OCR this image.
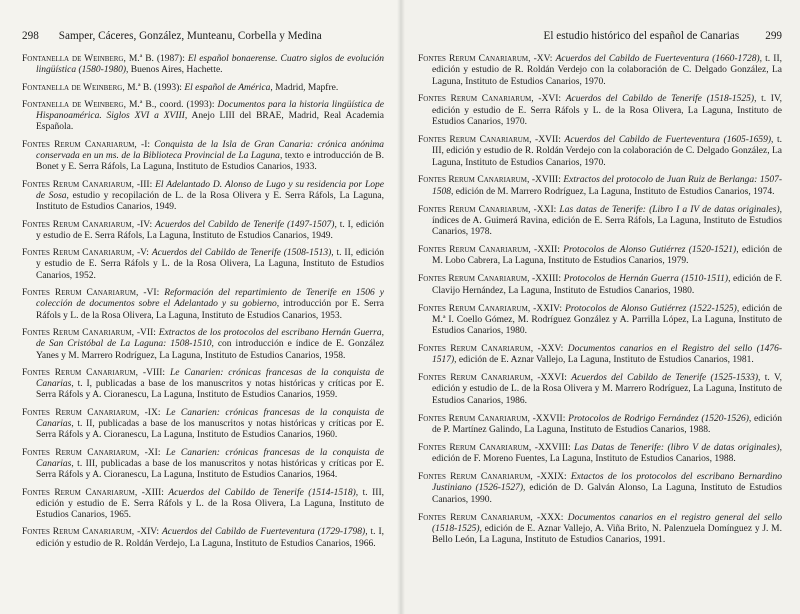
298 Samper, Cáceres, González, Munteanu, Corbella y Medina

Fontanella de Weinberg, M.ª B. (1987): El español bonaerense. Cuatro siglos de evolución lingüística (1580-1980), Buenos Aires, Hachette.

Fontanella de Weinberg, M.ª B. (1993): El español de América, Madrid, Mapfre.

Fontanella de Weinberg, M.ª B., coord. (1993): Documentos para la historia lingüística de Hispanoamérica. Siglos XVI a XVIII, Anejo LIII del BRAE, Madrid, Real Academia Española.

Fontes Rerum Canariarum, -I: Conquista de la Isla de Gran Canaria: crónica anónima conservada en un ms. de la Biblioteca Provincial de La Laguna, texto e introducción de B. Bonet y E. Serra Ráfols, La Laguna, Instituto de Estudios Canarios, 1933.

Fontes Rerum Canariarum, -III: El Adelantado D. Alonso de Lugo y su residencia por Lope de Sosa, estudio y recopilación de L. de la Rosa Olivera y E. Serra Ráfols, La Laguna, Instituto de Estudios Canarios, 1949.

Fontes Rerum Canariarum, -IV: Acuerdos del Cabildo de Tenerife (1497-1507), t. I, edición y estudio de E. Serra Ráfols, La Laguna, Instituto de Estudios Canarios, 1949.

Fontes Rerum Canariarum, -V: Acuerdos del Cabildo de Tenerife (1508-1513), t. II, edición y estudio de E. Serra Ráfols y L. de la Rosa Olivera, La Laguna, Instituto de Estudios Canarios, 1952.

Fontes Rerum Canariarum, -VI: Reformación del repartimiento de Tenerife en 1506 y colección de documentos sobre el Adelantado y su gobierno, introducción por E. Serra Ráfols y L. de la Rosa Olivera, La Laguna, Instituto de Estudios Canarios, 1953.

Fontes Rerum Canariarum, -VII: Extractos de los protocolos del escribano Hernán Guerra, de San Cristóbal de La Laguna: 1508-1510, con introducción e índice de E. González Yanes y M. Marrero Rodríguez, La Laguna, Instituto de Estudios Canarios, 1958.

Fontes Rerum Canariarum, -VIII: Le Canarien: crónicas francesas de la conquista de Canarias, t. I, publicadas a base de los manuscritos y notas históricas y críticas por E. Serra Ráfols y A. Cioranescu, La Laguna, Instituto de Estudios Canarios, 1959.

Fontes Rerum Canariarum, -IX: Le Canarien: crónicas francesas de la conquista de Canarias, t. II, publicadas a base de los manuscritos y notas históricas y críticas por E. Serra Ráfols y A. Cioranescu, La Laguna, Instituto de Estudios Canarios, 1960.

Fontes Rerum Canariarum, -XI: Le Canarien: crónicas francesas de la conquista de Canarias, t. III, publicadas a base de los manuscritos y notas históricas y críticas por E. Serra Ráfols y A. Cioranescu, La Laguna, Instituto de Estudios Canarios, 1964.

Fontes Rerum Canariarum, -XIII: Acuerdos del Cabildo de Tenerife (1514-1518), t. III, edición y estudio de E. Serra Ráfols y L. de la Rosa Olivera, La Laguna, Instituto de Estudios Canarios, 1965.

Fontes Rerum Canariarum, -XIV: Acuerdos del Cabildo de Fuerteventura (1729-1798), t. I, edición y estudio de R. Roldán Verdejo, La Laguna, Instituto de Estudios Canarios, 1966.

El estudio histórico del español de Canarias 299

Fontes Rerum Canariarum, -XV: Acuerdos del Cabildo de Fuerteventura (1660-1728), t. II, edición y estudio de R. Roldán Verdejo con la colaboración de C. Delgado González, La Laguna, Instituto de Estudios Canarios, 1970.

Fontes Rerum Canariarum, -XVI: Acuerdos del Cabildo de Tenerife (1518-1525), t. IV, edición y estudio de E. Serra Ráfols y L. de la Rosa Olivera, La Laguna, Instituto de Estudios Canarios, 1970.

Fontes Rerum Canariarum, -XVII: Acuerdos del Cabildo de Fuerteventura (1605-1659), t. III, edición y estudio de R. Roldán Verdejo con la colaboración de C. Delgado González, La Laguna, Instituto de Estudios Canarios, 1970.

Fontes Rerum Canariarum, -XVIII: Extractos del protocolo de Juan Ruiz de Berlanga: 1507-1508, edición de M. Marrero Rodríguez, La Laguna, Instituto de Estudios Canarios, 1974.

Fontes Rerum Canariarum, -XXI: Las datas de Tenerife: (Libro I a IV de datas originales), índices de A. Guimerá Ravina, edición de E. Serra Ráfols, La Laguna, Instituto de Estudios Canarios, 1978.

Fontes Rerum Canariarum, -XXII: Protocolos de Alonso Gutiérrez (1520-1521), edición de M. Lobo Cabrera, La Laguna, Instituto de Estudios Canarios, 1979.

Fontes Rerum Canariarum, -XXIII: Protocolos de Hernán Guerra (1510-1511), edición de F. Clavijo Hernández, La Laguna, Instituto de Estudios Canarios, 1980.

Fontes Rerum Canariarum, -XXIV: Protocolos de Alonso Gutiérrez (1522-1525), edición de M.ª I. Coello Gómez, M. Rodríguez González y A. Parrilla López, La Laguna, Instituto de Estudios Canarios, 1980.

Fontes Rerum Canariarum, -XXV: Documentos canarios en el Registro del sello (1476-1517), edición de E. Aznar Vallejo, La Laguna, Instituto de Estudios Canarios, 1981.

Fontes Rerum Canariarum, -XXVI: Acuerdos del Cabildo de Tenerife (1525-1533), t. V, edición y estudio de L. de la Rosa Olivera y M. Marrero Rodríguez, La Laguna, Instituto de Estudios Canarios, 1986.

Fontes Rerum Canariarum, -XXVII: Protocolos de Rodrigo Fernández (1520-1526), edición de P. Martínez Galindo, La Laguna, Instituto de Estudios Canarios, 1988.

Fontes Rerum Canariarum, -XXVIII: Las Datas de Tenerife: (libro V de datas originales), edición de F. Moreno Fuentes, La Laguna, Instituto de Estudios Canarios, 1988.

Fontes Rerum Canariarum, -XXIX: Extactos de los protocolos del escribano Bernardino Justiniano (1526-1527), edición de D. Galván Alonso, La Laguna, Instituto de Estudios Canarios, 1990.

Fontes Rerum Canariarum, -XXX: Documentos canarios en el registro general del sello (1518-1525), edición de E. Aznar Vallejo, A. Viña Brito, N. Palenzuela Domínguez y J. M. Bello León, La Laguna, Instituto de Estudios Canarios, 1991.
